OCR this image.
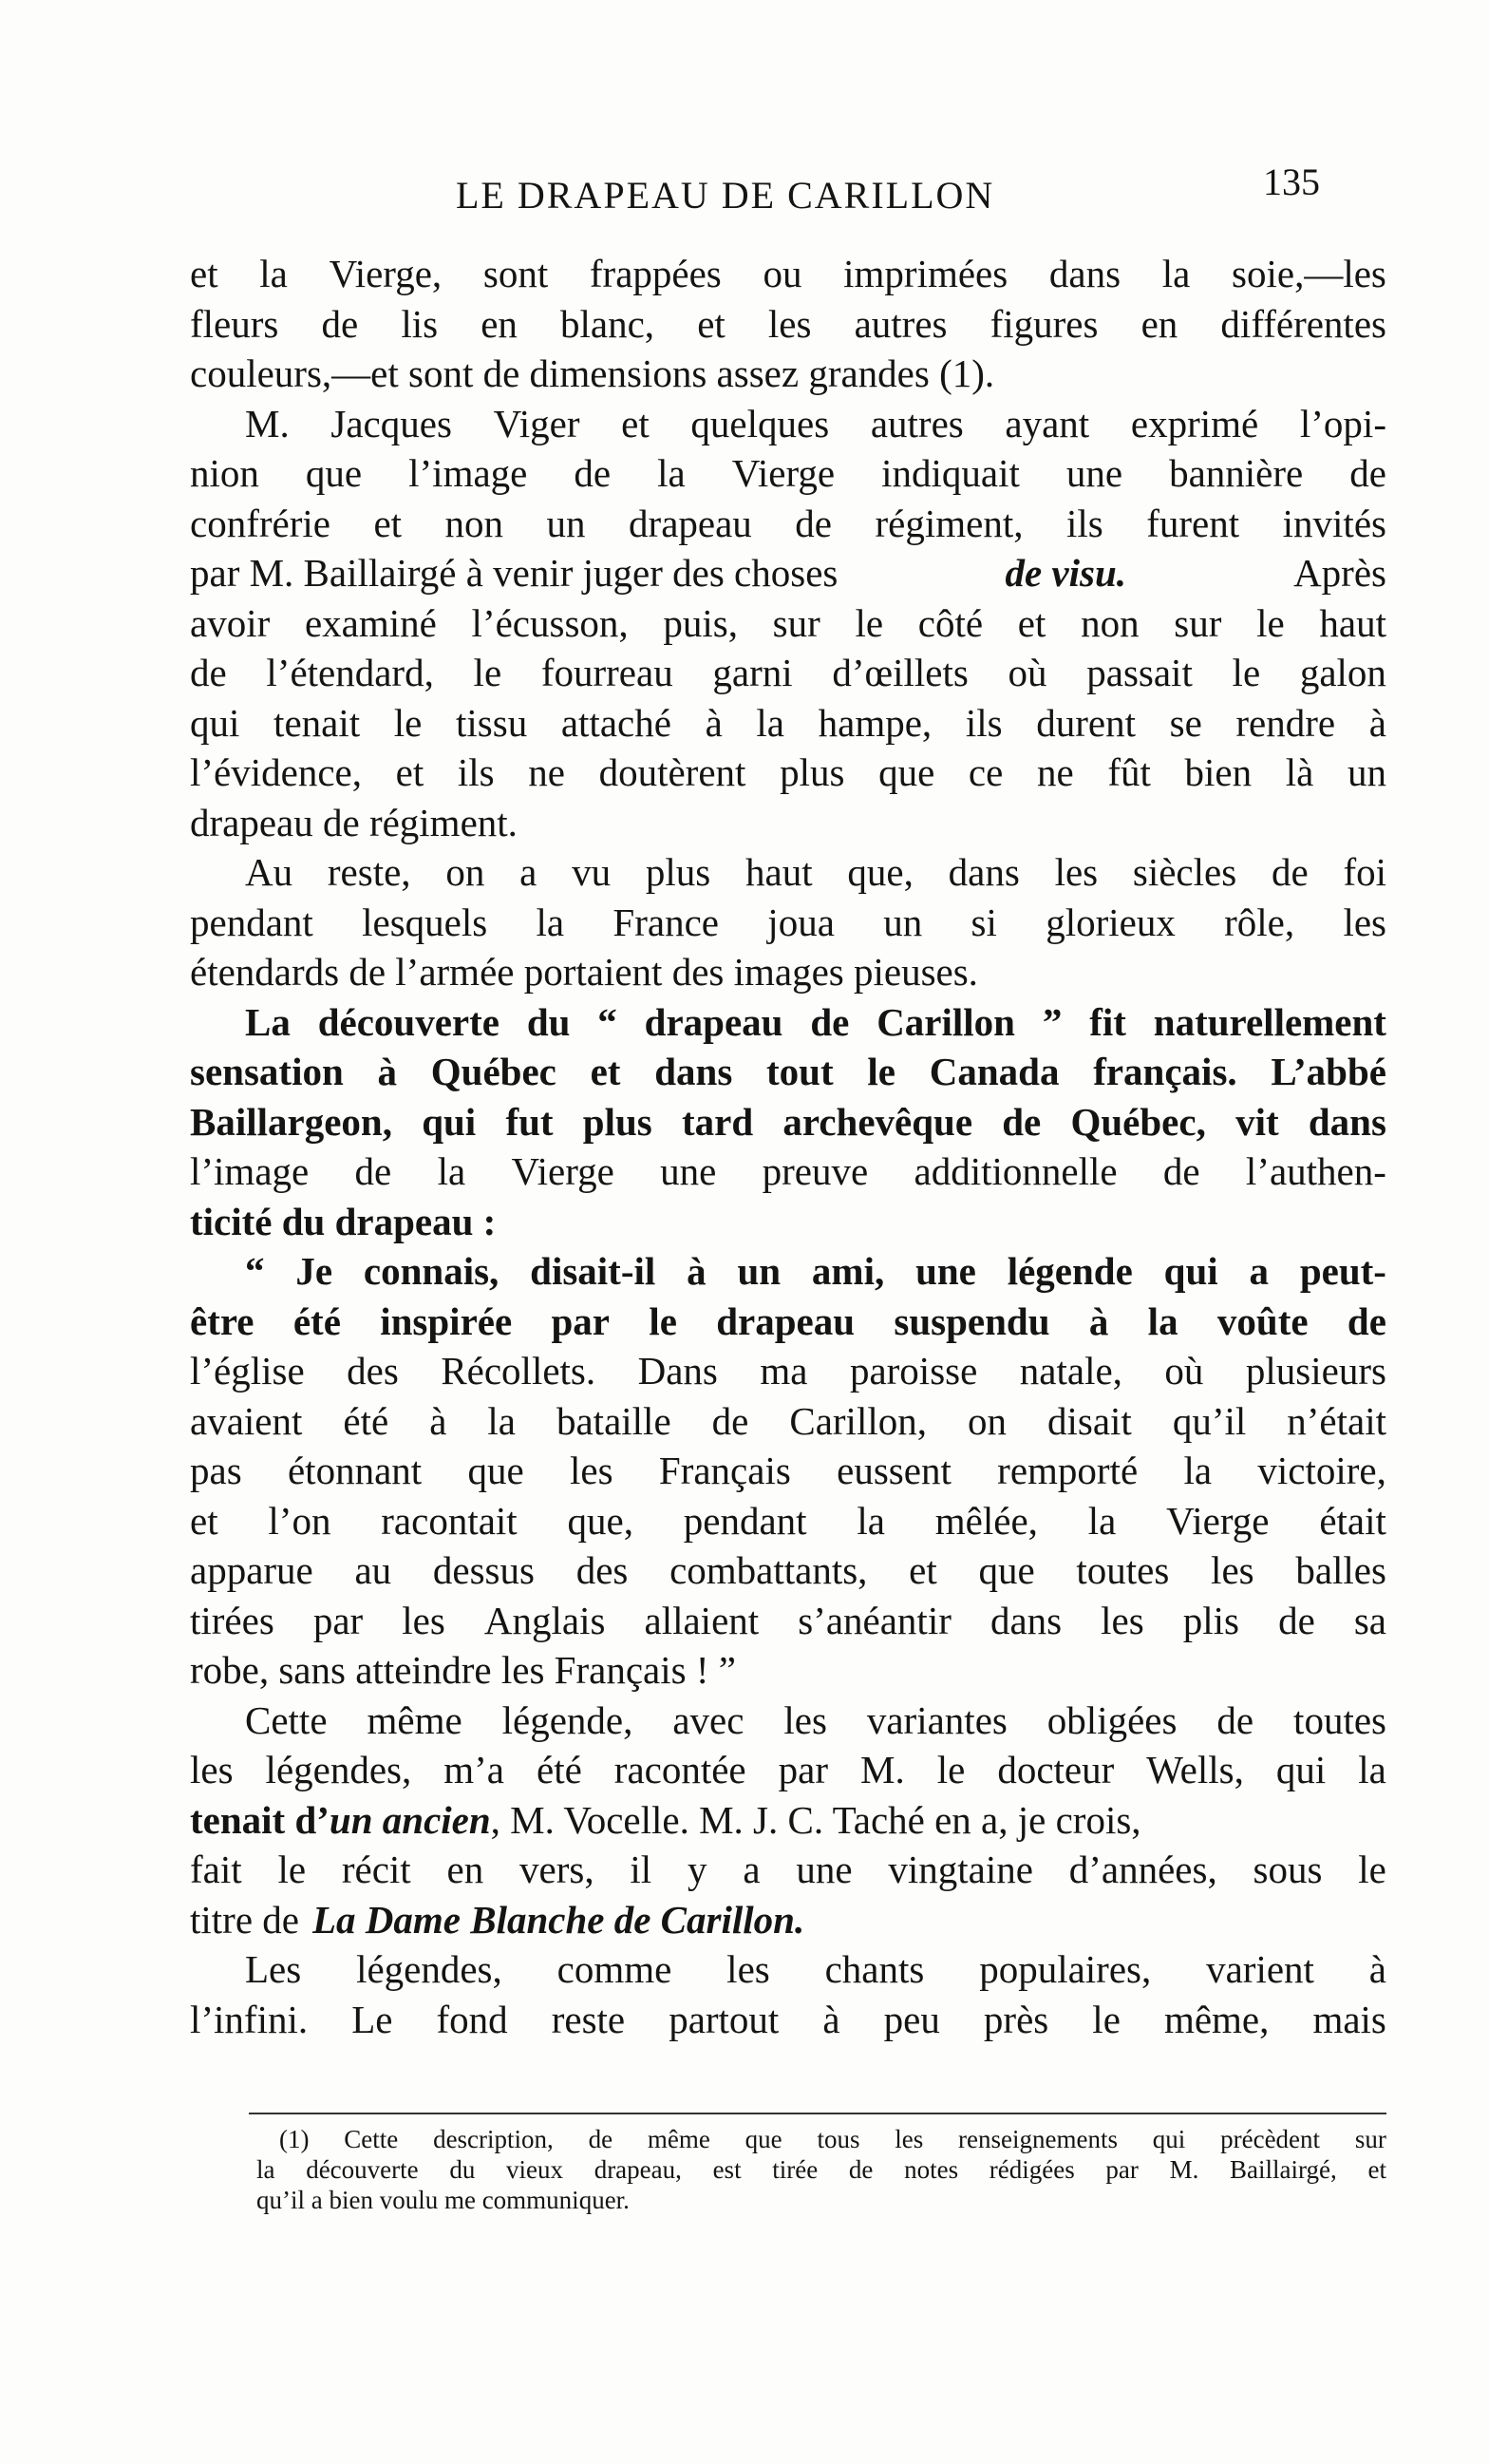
LE DRAPEAU DE CARILLON	135
et la Vierge, sont frappées ou imprimées dans la soie,—les
fleurs de lis en blanc, et les autres figures en différentes
couleurs,—et sont de dimensions assez grandes (1).
M. Jacques Viger et quelques autres ayant exprimé l’opi-
nion que l’image de la Vierge indiquait une bannière de
confrérie et non un drapeau de régiment, ils furent invités
par M. Baillairgé à venir juger des choses	de visu.	Après
avoir examiné l’écusson, puis, sur le côté et non sur le haut
de l’étendard, le fourreau garni d’œillets où passait le galon
qui tenait le tissu attaché à la hampe, ils durent se rendre à
l’évidence, et ils ne doutèrent plus que ce ne fût bien là un
drapeau de régiment.
Au reste, on a vu plus haut que, dans les siècles de foi
pendant lesquels la France joua un si glorieux rôle, les
étendards de l’armée portaient des images pieuses.
La découverte du “ drapeau de Carillon ” fit naturellement
sensation à Québec et dans tout le Canada français. L’abbé
Baillargeon, qui fut plus tard archevêque de Québec, vit dans
l’image de la Vierge une preuve additionnelle de l’authen-
ticité du drapeau :
“ Je connais, disait-il à un ami, une légende qui a peut-
être été inspirée par le drapeau suspendu à la voûte de
l’église des Récollets. Dans ma paroisse natale, où plusieurs
avaient été à la bataille de Carillon, on disait qu’il n’était
pas étonnant que les Français eussent remporté la victoire,
et l’on racontait que, pendant la mêlée, la Vierge était
apparue au dessus des combattants, et que toutes les balles
tirées par les Anglais allaient s’anéantir dans les plis de sa
robe, sans atteindre les Français ! ”
Cette même légende, avec les variantes obligées de toutes
les légendes, m’a été racontée par M. le docteur Wells, qui la
tenait d’ un ancien , M. Vocelle. M. J. C. Taché en a, je crois,
fait le récit en vers, il y a une vingtaine d’années, sous le
titre de La Dame Blanche de Carillon.
Les légendes, comme les chants populaires, varient à
l’infini. Le fond reste partout à peu près le même, mais
(1) Cette description, de même que tous les renseignements qui précèdent sur
la découverte du vieux drapeau, est tirée de notes rédigées par M. Baillairgé, et
qu’il a bien voulu me communiquer.
